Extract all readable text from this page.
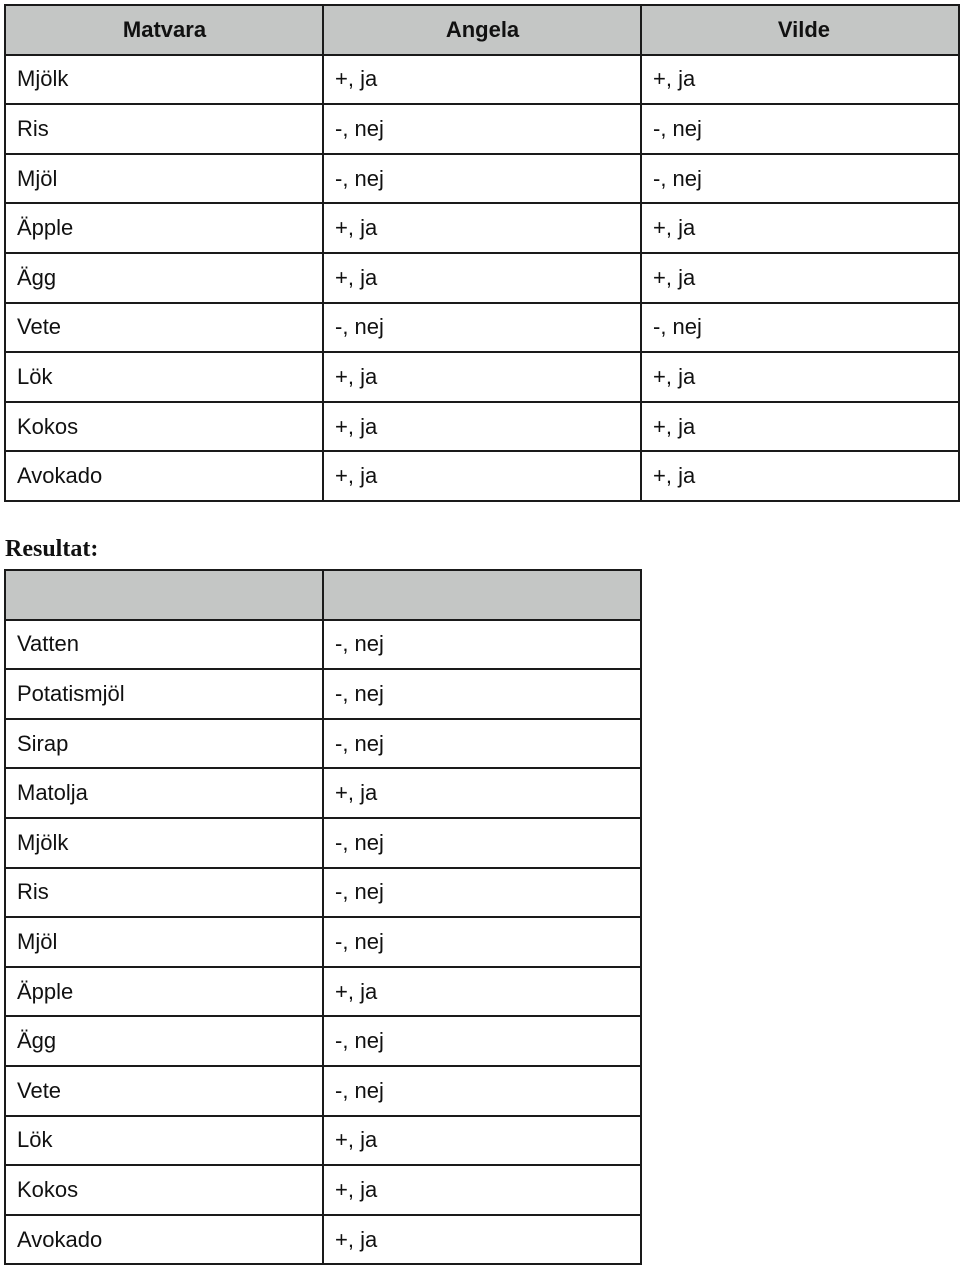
Matvara	Angela	Vilde
Mjölk	+, ja	+, ja
Ris	-, nej	-, nej
Mjöl	-, nej	-, nej
Äpple	+, ja	+, ja
Ägg	+, ja	+, ja
Vete	-, nej	-, nej
Lök	+, ja	+, ja
Kokos	+, ja	+, ja
Avokado	+, ja	+, ja
Resultat:

Vatten	-, nej
Potatismjöl	-, nej
Sirap	-, nej
Matolja	+, ja
Mjölk	-, nej
Ris	-, nej
Mjöl	-, nej
Äpple	+, ja
Ägg	-, nej
Vete	-, nej
Lök	+, ja
Kokos	+, ja
Avokado	+, ja
